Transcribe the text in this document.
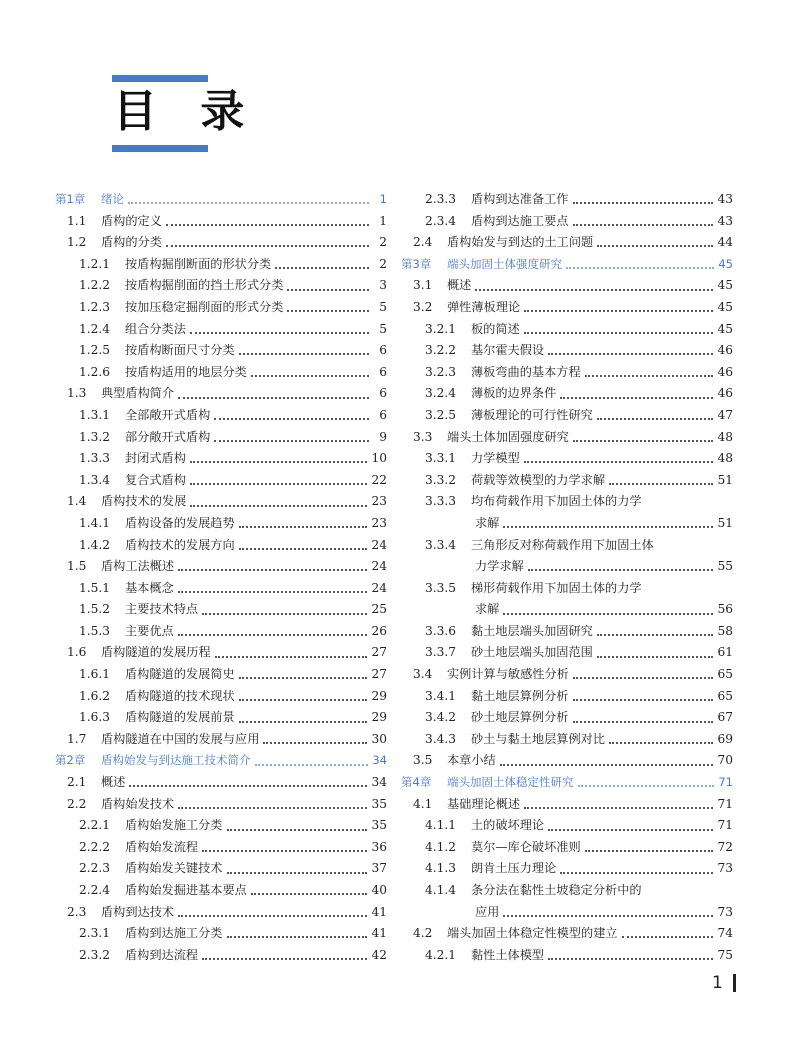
目 录
第1章	绪论	1
1.1	盾构的定义	1
1.2	盾构的分类	2
1.2.1	按盾构掘削断面的形状分类	2
1.2.2	按盾构掘削面的挡土形式分类	3
1.2.3	按加压稳定掘削面的形式分类	5
1.2.4	组合分类法	5
1.2.5	按盾构断面尺寸分类	6
1.2.6	按盾构适用的地层分类	6
1.3	典型盾构简介	6
1.3.1	全部敞开式盾构	6
1.3.2	部分敞开式盾构	9
1.3.3	封闭式盾构	10
1.3.4	复合式盾构	22
1.4	盾构技术的发展	23
1.4.1	盾构设备的发展趋势	23
1.4.2	盾构技术的发展方向	24
1.5	盾构工法概述	24
1.5.1	基本概念	24
1.5.2	主要技术特点	25
1.5.3	主要优点	26
1.6	盾构隧道的发展历程	27
1.6.1	盾构隧道的发展简史	27
1.6.2	盾构隧道的技术现状	29
1.6.3	盾构隧道的发展前景	29
1.7	盾构隧道在中国的发展与应用	30
第2章	盾构始发与到达施工技术简介	34
2.1	概述	34
2.2	盾构始发技术	35
2.2.1	盾构始发施工分类	35
2.2.2	盾构始发流程	36
2.2.3	盾构始发关键技术	37
2.2.4	盾构始发掘进基本要点	40
2.3	盾构到达技术	41
2.3.1	盾构到达施工分类	41
2.3.2	盾构到达流程	42
2.3.3	盾构到达准备工作	43
2.3.4	盾构到达施工要点	43
2.4	盾构始发与到达的土工问题	44
第3章	端头加固土体强度研究	45
3.1	概述	45
3.2	弹性薄板理论	45
3.2.1	板的简述	45
3.2.2	基尔霍夫假设	46
3.2.3	薄板弯曲的基本方程	46
3.2.4	薄板的边界条件	46
3.2.5	薄板理论的可行性研究	47
3.3	端头土体加固强度研究	48
3.3.1	力学模型	48
3.3.2	荷载等效模型的力学求解	51
3.3.3	均布荷载作用下加固土体的力学
求解	51
3.3.4	三角形反对称荷载作用下加固土体
力学求解	55
3.3.5	梯形荷载作用下加固土体的力学
求解	56
3.3.6	黏土地层端头加固研究	58
3.3.7	砂土地层端头加固范围	61
3.4	实例计算与敏感性分析	65
3.4.1	黏土地层算例分析	65
3.4.2	砂土地层算例分析	67
3.4.3	砂土与黏土地层算例对比	69
3.5	本章小结	70
第4章	端头加固土体稳定性研究	71
4.1	基础理论概述	71
4.1.1	土的破坏理论	71
4.1.2	莫尔—库仑破坏准则	72
4.1.3	朗肯土压力理论	73
4.1.4	条分法在黏性土坡稳定分析中的
应用	73
4.2	端头加固土体稳定性模型的建立	74
4.2.1	黏性土体模型	75
1
